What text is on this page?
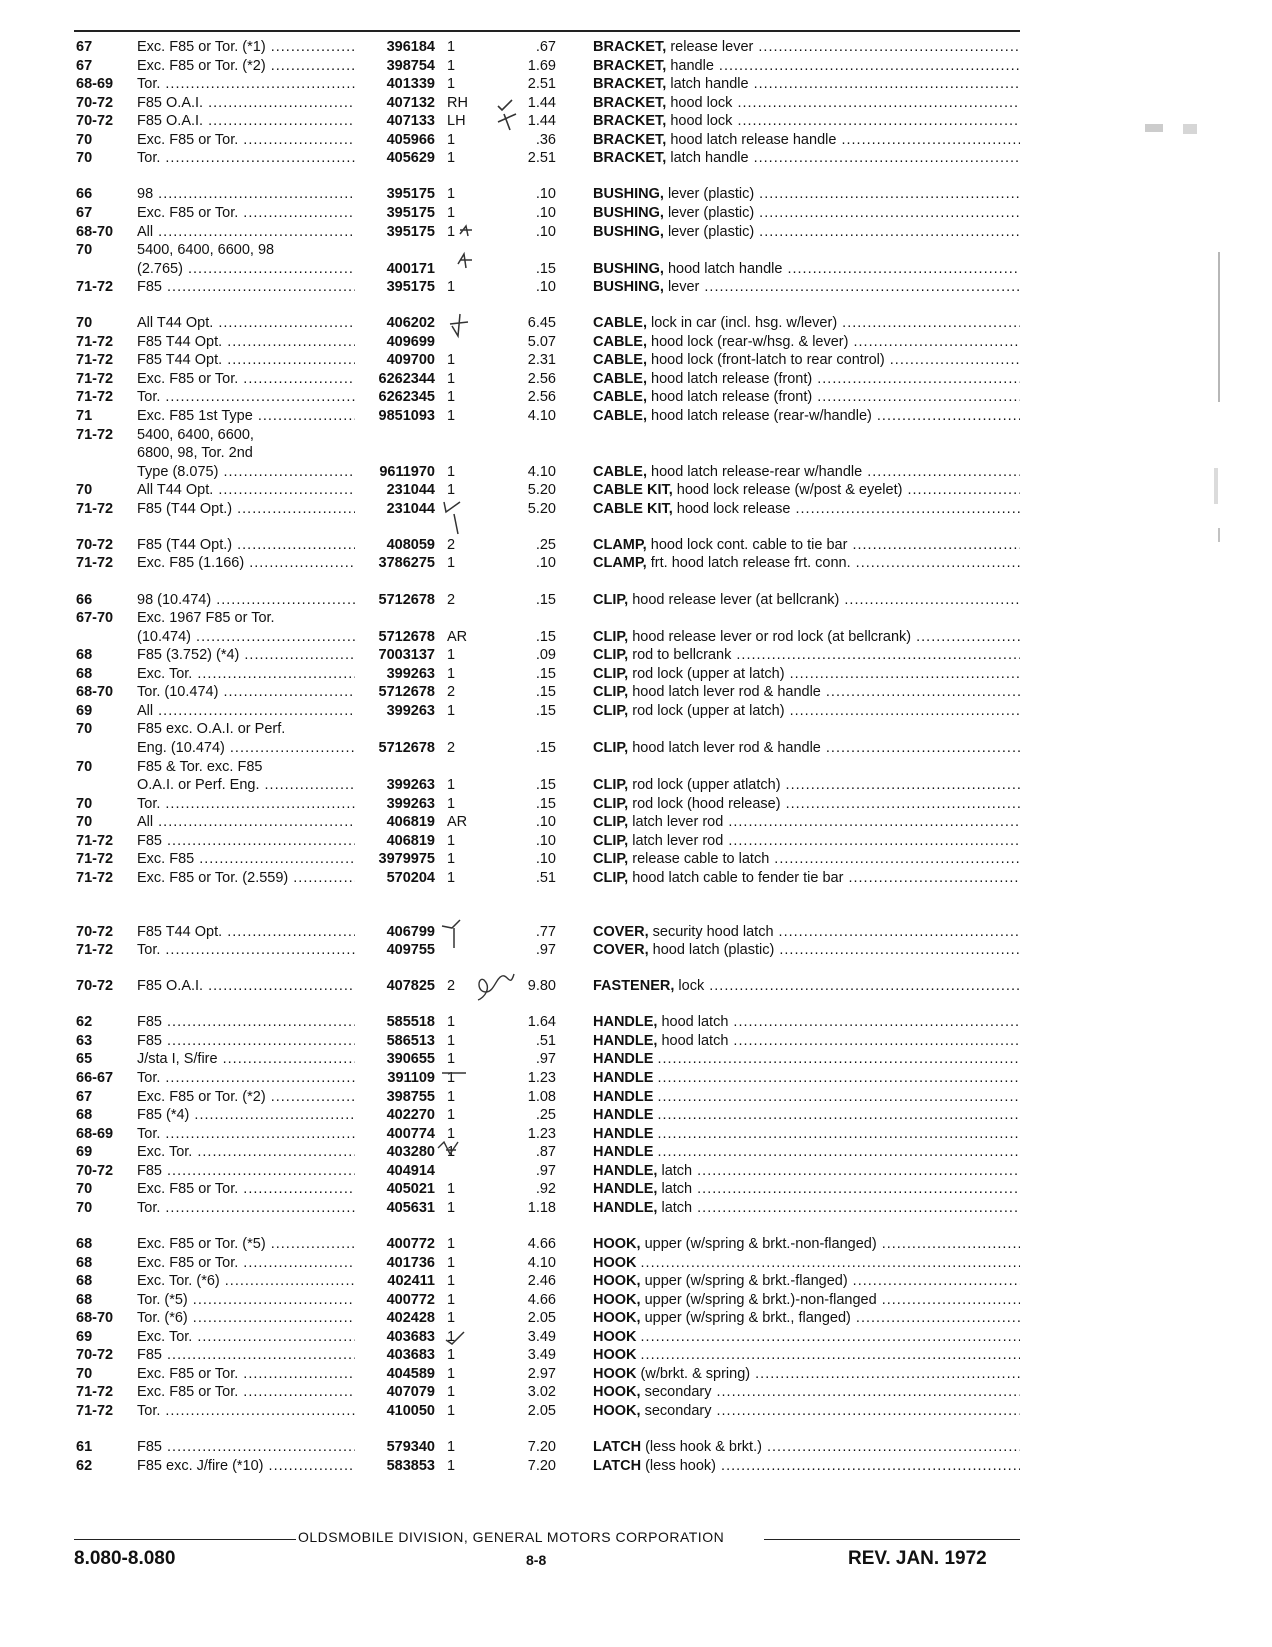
67	Exc. F85 or Tor. (*1) .....	396184 1	.67	BRACKET, release lever .....
67	Exc. F85 or Tor. (*2) .....	398754 1	1.69	BRACKET, handle .....
68-69	Tor. .....	401339 1	2.51	BRACKET, latch handle .....
70-72	F85 O.A.I. .....	407132 RH	1.44	BRACKET, hood lock .....
70-72	F85 O.A.I. .....	407133 LH	1.44	BRACKET, hood lock .....
70	Exc. F85 or Tor. .....	405966 1	.36	BRACKET, hood latch release handle .....
70	Tor. .....	405629 1	2.51	BRACKET, latch handle .....
66	98 .....	395175 1	.10	BUSHING, lever (plastic) .....
67	Exc. F85 or Tor. .....	395175 1	.10	BUSHING, lever (plastic) .....
68-70	All .....	395175 1	.10	BUSHING, lever (plastic) .....
70	5400, 6400, 6600, 98
(2.765) .....	400171	.15	BUSHING, hood latch handle .....
71-72	F85 .....	395175 1	.10	BUSHING, lever .....
70	All T44 Opt. .....	406202	6.45	CABLE, lock in car (incl. hsg. w/lever) .....
71-72	F85 T44 Opt. .....	409699	5.07	CABLE, hood lock (rear-w/hsg. & lever) .....
71-72	F85 T44 Opt. .....	409700 1	2.31	CABLE, hood lock (front-latch to rear control) .....
71-72	Exc. F85 or Tor. .....	6262344 1	2.56	CABLE, hood latch release (front) .....
71-72	Tor. .....	6262345 1	2.56	CABLE, hood latch release (front) .....
71	Exc. F85 1st Type .....	9851093 1	4.10	CABLE, hood latch release (rear-w/handle) .....
71-72	5400, 6400, 6600,
6800, 98, Tor. 2nd
Type (8.075) .....	9611970 1	4.10	CABLE, hood latch release-rear w/handle .....
70	All T44 Opt. .....	231044 1	5.20	CABLE KIT, hood lock release (w/post & eyelet) .....
71-72	F85 (T44 Opt.) .....	231044	5.20	CABLE KIT, hood lock release .....
70-72	F85 (T44 Opt.) .....	408059 2	.25	CLAMP, hood lock cont. cable to tie bar .....
71-72	Exc. F85 (1.166) .....	3786275 1	.10	CLAMP, frt. hood latch release frt. conn. .....
66	98 (10.474) .....	5712678 2	.15	CLIP, hood release lever (at bellcrank) .....
67-70	Exc. 1967 F85 or Tor.
(10.474) .....	5712678 AR	.15	CLIP, hood release lever or rod lock (at bellcrank) .....
68	F85 (3.752) (*4) .....	7003137 1	.09	CLIP, rod to bellcrank .....
68	Exc. Tor. .....	399263 1	.15	CLIP, rod lock (upper at latch) .....
68-70	Tor. (10.474) .....	5712678 2	.15	CLIP, hood latch lever rod & handle .....
69	All .....	399263 1	.15	CLIP, rod lock (upper at latch) .....
70	F85 exc. O.A.I. or Perf.
Eng. (10.474) .....	5712678 2	.15	CLIP, hood latch lever rod & handle .....
70	F85 & Tor. exc. F85
O.A.I. or Perf. Eng. .....	399263 1	.15	CLIP, rod lock (upper atlatch) .....
70	Tor. .....	399263 1	.15	CLIP, rod lock (hood release) .....
70	All .....	406819 AR	.10	CLIP, latch lever rod .....
71-72	F85 .....	406819 1	.10	CLIP, latch lever rod .....
71-72	Exc. F85 .....	3979975 1	.10	CLIP, release cable to latch .....
71-72	Exc. F85 or Tor. (2.559) .....	570204 1	.51	CLIP, hood latch cable to fender tie bar .....
70-72	F85 T44 Opt. .....	406799	.77	COVER, security hood latch .....
71-72	Tor. .....	409755	.97	COVER, hood latch (plastic) .....
70-72	F85 O.A.I. .....	407825 2	9.80	FASTENER, lock .....
62	F85 .....	585518 1	1.64	HANDLE, hood latch .....
63	F85 .....	586513 1	.51	HANDLE, hood latch .....
65	J/sta I, S/fire .....	390655 1	.97	HANDLE .....
66-67	Tor. .....	391109 1	1.23	HANDLE .....
67	Exc. F85 or Tor. (*2) .....	398755 1	1.08	HANDLE .....
68	F85 (*4) .....	402270 1	.25	HANDLE .....
68-69	Tor. .....	400774 1	1.23	HANDLE .....
69	Exc. Tor. .....	403280 1	.87	HANDLE .....
70-72	F85 .....	404914	.97	HANDLE, latch .....
70	Exc. F85 or Tor. .....	405021 1	.92	HANDLE, latch .....
70	Tor. .....	405631 1	1.18	HANDLE, latch .....
68	Exc. F85 or Tor. (*5) .....	400772 1	4.66	HOOK, upper (w/spring & brkt.-non-flanged) .....
68	Exc. F85 or Tor. .....	401736 1	4.10	HOOK .....
68	Exc. Tor. (*6) .....	402411 1	2.46	HOOK, upper (w/spring & brkt.-flanged) .....
68	Tor. (*5) .....	400772 1	4.66	HOOK, upper (w/spring & brkt.)-non-flanged .....
68-70	Tor. (*6) .....	402428 1	2.05	HOOK, upper (w/spring & brkt., flanged) .....
69	Exc. Tor. .....	403683 1	3.49	HOOK .....
70-72	F85 .....	403683 1	3.49	HOOK .....
70	Exc. F85 or Tor. .....	404589 1	2.97	HOOK (w/brkt. & spring) .....
71-72	Exc. F85 or Tor. .....	407079 1	3.02	HOOK, secondary .....
71-72	Tor. .....	410050 1	2.05	HOOK, secondary .....
61	F85 .....	579340 1	7.20	LATCH (less hook & brkt.) .....
62	F85 exc. J/fire (*10) .....	583853 1	7.20	LATCH (less hook) .....
OLDSMOBILE DIVISION, GENERAL MOTORS CORPORATION
8.080-8.080	8-8	REV. JAN. 1972
